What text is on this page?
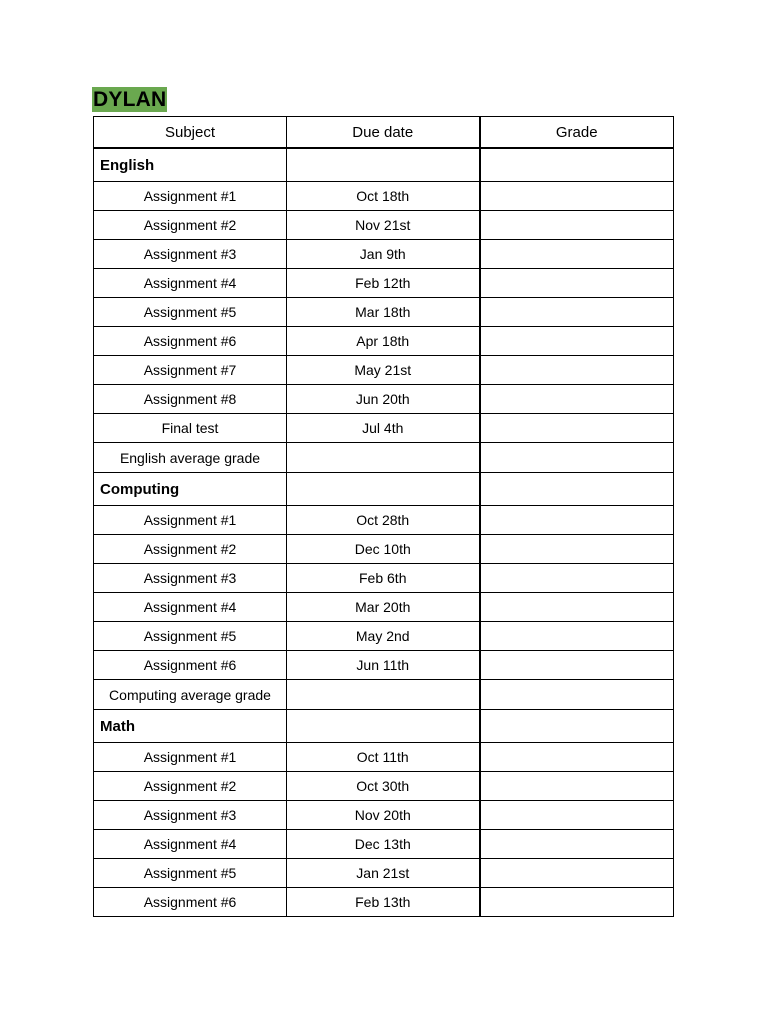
DYLAN
Subject	Due date	Grade
English		
Assignment #1	Oct 18th	
Assignment #2	Nov 21st	
Assignment #3	Jan 9th	
Assignment #4	Feb 12th	
Assignment #5	Mar 18th	
Assignment #6	Apr 18th	
Assignment #7	May 21st	
Assignment #8	Jun 20th	
Final test	Jul 4th	
English average grade		
Computing		
Assignment #1	Oct 28th	
Assignment #2	Dec 10th	
Assignment #3	Feb 6th	
Assignment #4	Mar 20th	
Assignment #5	May 2nd	
Assignment #6	Jun 11th	
Computing average grade		
Math		
Assignment #1	Oct 11th	
Assignment #2	Oct 30th	
Assignment #3	Nov 20th	
Assignment #4	Dec 13th	
Assignment #5	Jan 21st	
Assignment #6	Feb 13th	
